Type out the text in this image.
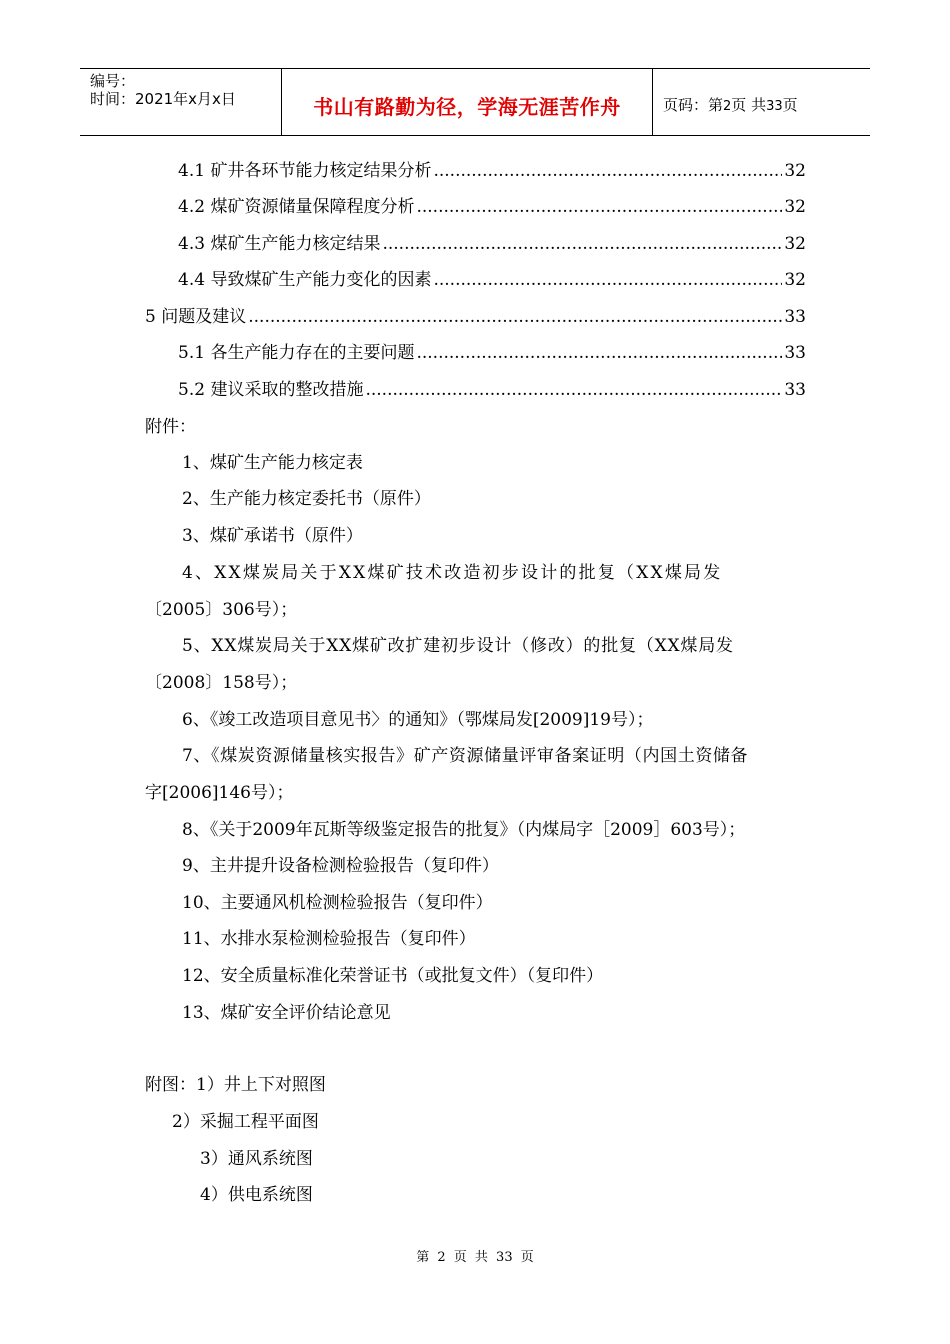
编号：
时间：2021年x月x日	书山有路勤为径，学海无涯苦作舟	页码：第2页 共33页
4.1 矿井各环节能力核定结果分析 .....	32
4.2 煤矿资源储量保障程度分析 .....	32
4.3 煤矿生产能力核定结果 .....	32
4.4 导致煤矿生产能力变化的因素 .....	32
5 问题及建议 .....	33
5.1 各生产能力存在的主要问题 .....	33
5.2 建议采取的整改措施 .....	33
附件：
1、煤矿生产能力核定表
2、生产能力核定委托书（原件）
3、煤矿承诺书（原件）
4、XX煤炭局关于XX煤矿技术改造初步设计的批复（XX煤局发
〔2005〕306号）；
5、XX煤炭局关于XX煤矿改扩建初步设计（修改）的批复（XX煤局发
〔2008〕158号）；
6、《竣工改造项目意见书〉的通知》（鄂煤局发[2009]19号）；
7、《煤炭资源储量核实报告》矿产资源储量评审备案证明（内国土资储备
字[2006]146号）；
8、《关于2009年瓦斯等级鉴定报告的批复》（内煤局字［2009］603号）；
9、主井提升设备检测检验报告（复印件）
10、主要通风机检测检验报告（复印件）
11、水排水泵检测检验报告（复印件）
12、安全质量标准化荣誉证书（或批复文件）（复印件）
13、煤矿安全评价结论意见
附图：1）井上下对照图
2）采掘工程平面图
3）通风系统图
4）供电系统图
第 2 页 共 33 页
